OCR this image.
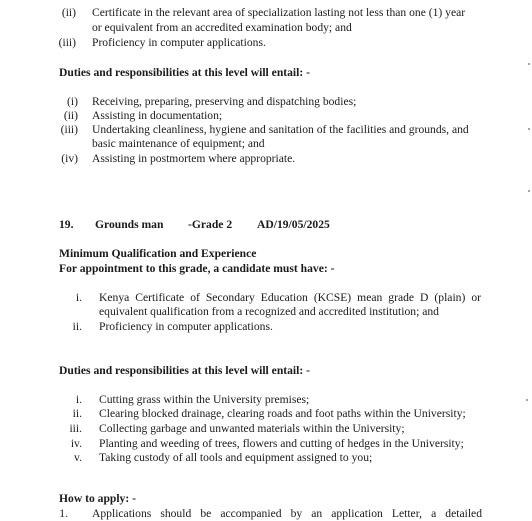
(ii) Certificate in the relevant area of specialization lasting not less than one (1) year
or equivalent from an accredited examination body; and
(iii) Proficiency in computer applications.
Duties and responsibilities at this level will entail: -
(i) Receiving, preparing, preserving and dispatching bodies;
(ii) Assisting in documentation;
(iii) Undertaking cleanliness, hygiene and sanitation of the facilities and grounds, and
basic maintenance of equipment; and
(iv) Assisting in postmortem where appropriate.
19. Grounds man -Grade 2 AD/19/05/2025
Minimum Qualification and Experience
For appointment to this grade, a candidate must have: -
i. Kenya Certificate of Secondary Education (KCSE) mean grade D (plain) or
equivalent qualification from a recognized and accredited institution; and
ii. Proficiency in computer applications.
Duties and responsibilities at this level will entail: -
i. Cutting grass within the University premises;
ii. Clearing blocked drainage, clearing roads and foot paths within the University;
iii. Collecting garbage and unwanted materials within the University;
iv. Planting and weeding of trees, flowers and cutting of hedges in the University;
v. Taking custody of all tools and equipment assigned to you;
How to apply: -
1. Applications should be accompanied by an application Letter, a detailed
